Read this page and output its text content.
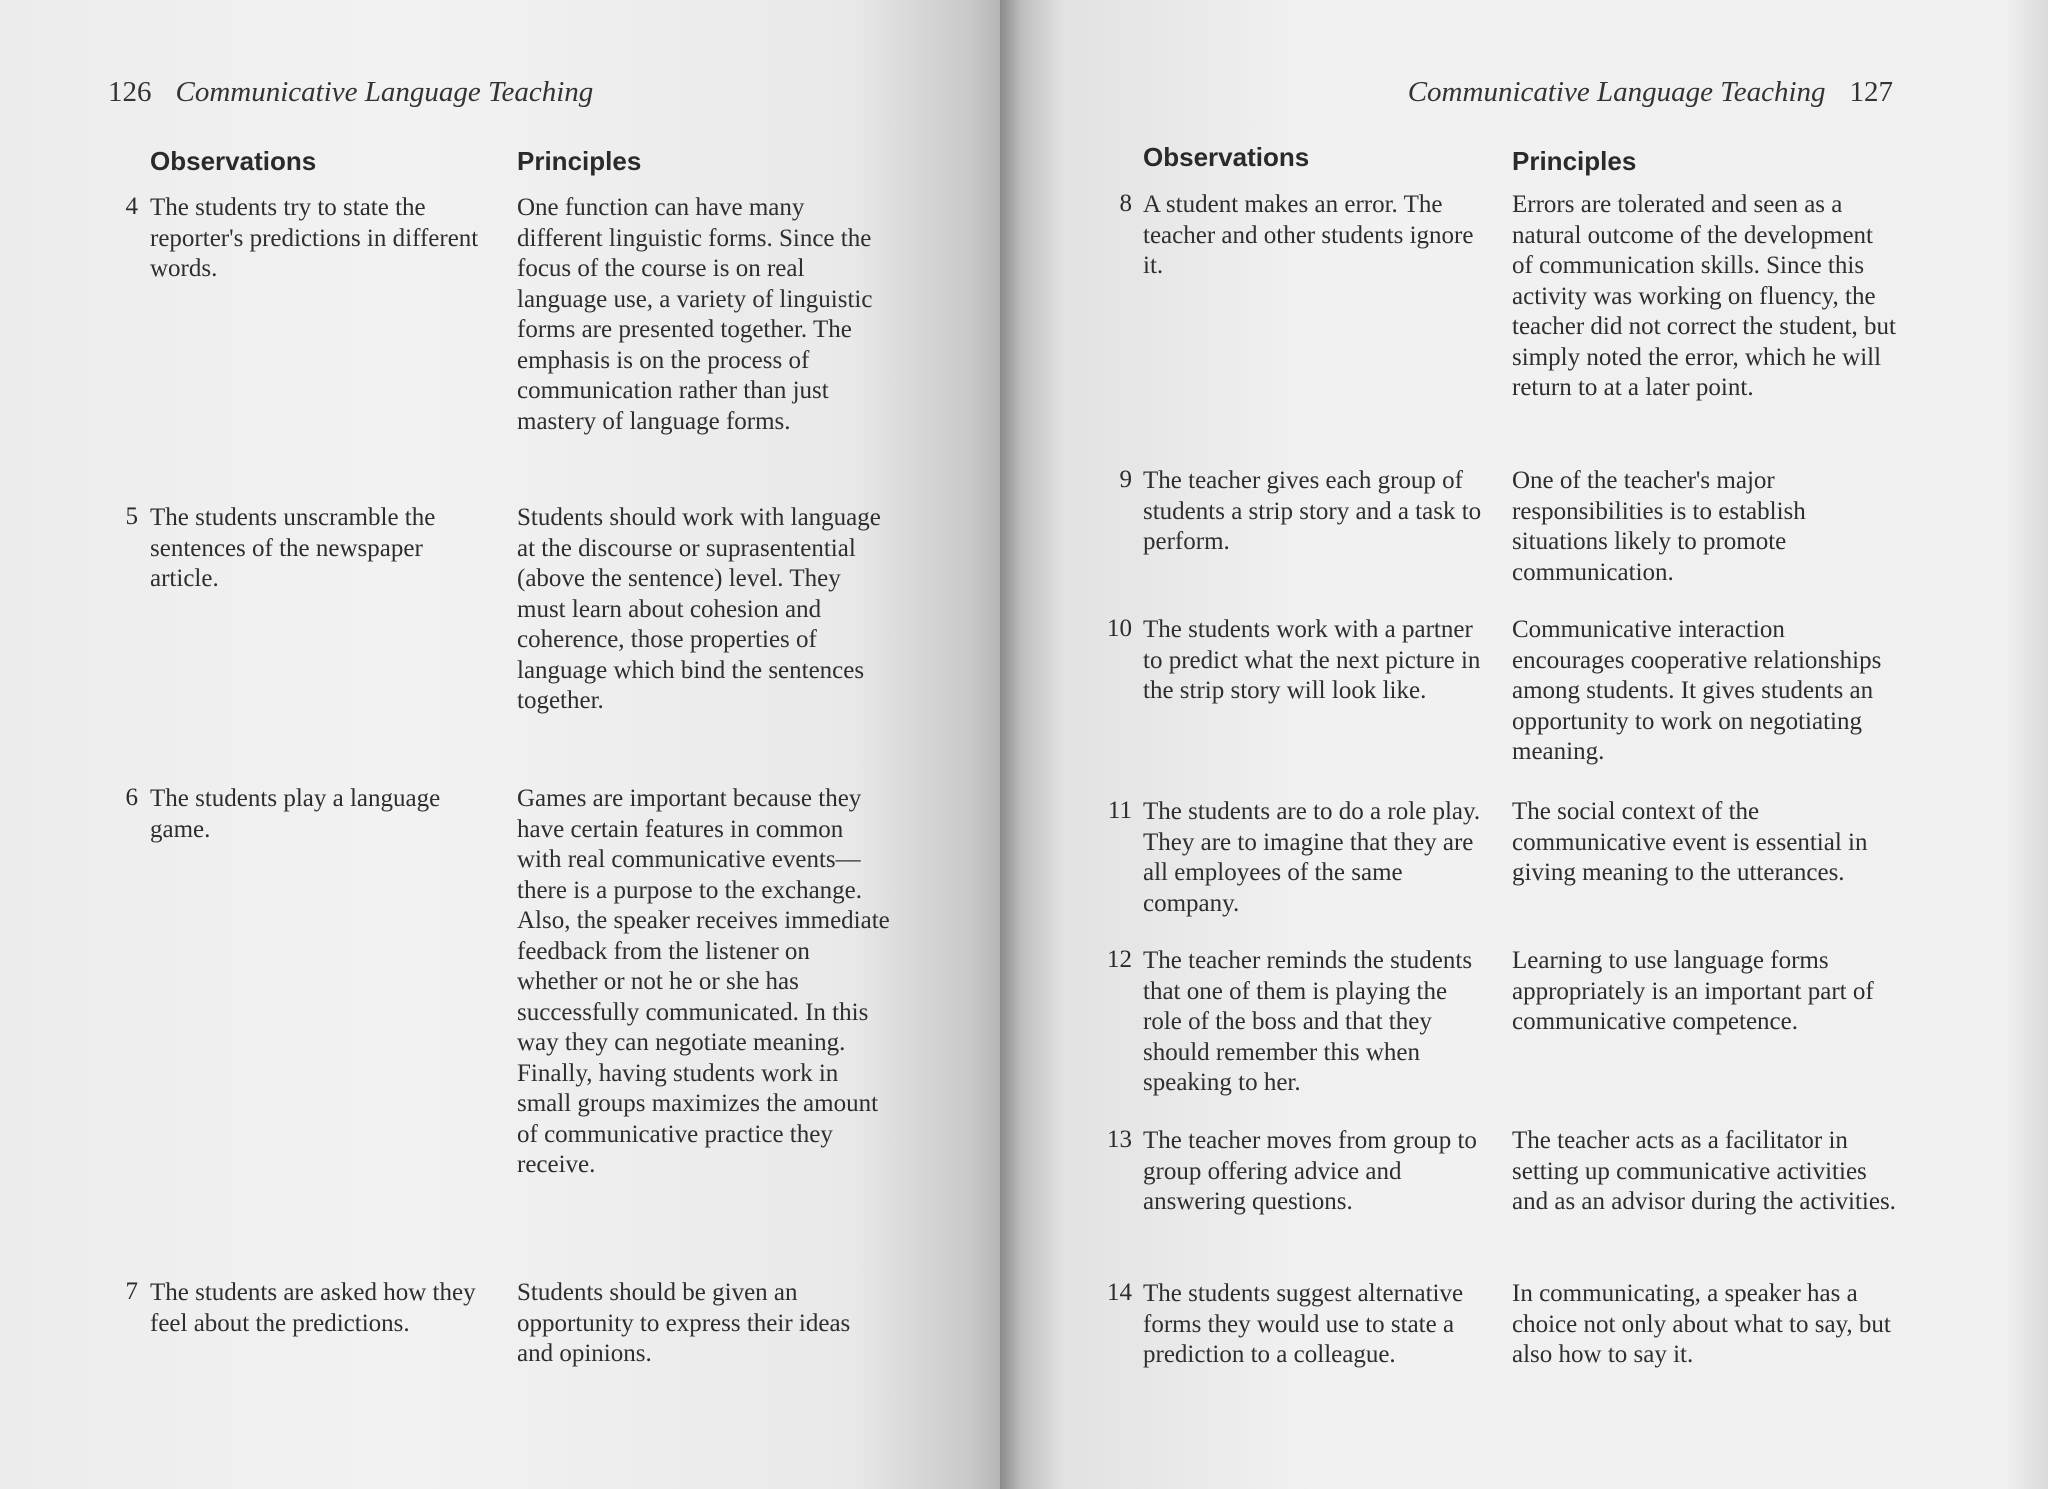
126 Communicative Language Teaching
Observations	Principles
4 The students try to state the reporter's predictions in different words.
One function can have many different linguistic forms. Since the focus of the course is on real language use, a variety of linguistic forms are presented together. The emphasis is on the process of communication rather than just mastery of language forms.
5 The students unscramble the sentences of the newspaper article.
Students should work with language at the discourse or suprasentential (above the sentence) level. They must learn about cohesion and coherence, those properties of language which bind the sentences together.
6 The students play a language game.
Games are important because they have certain features in common with real communicative events—there is a purpose to the exchange. Also, the speaker receives immediate feedback from the listener on whether or not he or she has successfully communicated. In this way they can negotiate meaning. Finally, having students work in small groups maximizes the amount of communicative practice they receive.
7 The students are asked how they feel about the predictions.
Students should be given an opportunity to express their ideas and opinions.
Communicative Language Teaching 127
Observations	Principles
8 A student makes an error. The teacher and other students ignore it.
Errors are tolerated and seen as a natural outcome of the development of communication skills. Since this activity was working on fluency, the teacher did not correct the student, but simply noted the error, which he will return to at a later point.
9 The teacher gives each group of students a strip story and a task to perform.
One of the teacher's major responsibilities is to establish situations likely to promote communication.
10 The students work with a partner to predict what the next picture in the strip story will look like.
Communicative interaction encourages cooperative relationships among students. It gives students an opportunity to work on negotiating meaning.
11 The students are to do a role play. They are to imagine that they are all employees of the same company.
The social context of the communicative event is essential in giving meaning to the utterances.
12 The teacher reminds the students that one of them is playing the role of the boss and that they should remember this when speaking to her.
Learning to use language forms appropriately is an important part of communicative competence.
13 The teacher moves from group to group offering advice and answering questions.
The teacher acts as a facilitator in setting up communicative activities and as an advisor during the activities.
14 The students suggest alternative forms they would use to state a prediction to a colleague.
In communicating, a speaker has a choice not only about what to say, but also how to say it.
